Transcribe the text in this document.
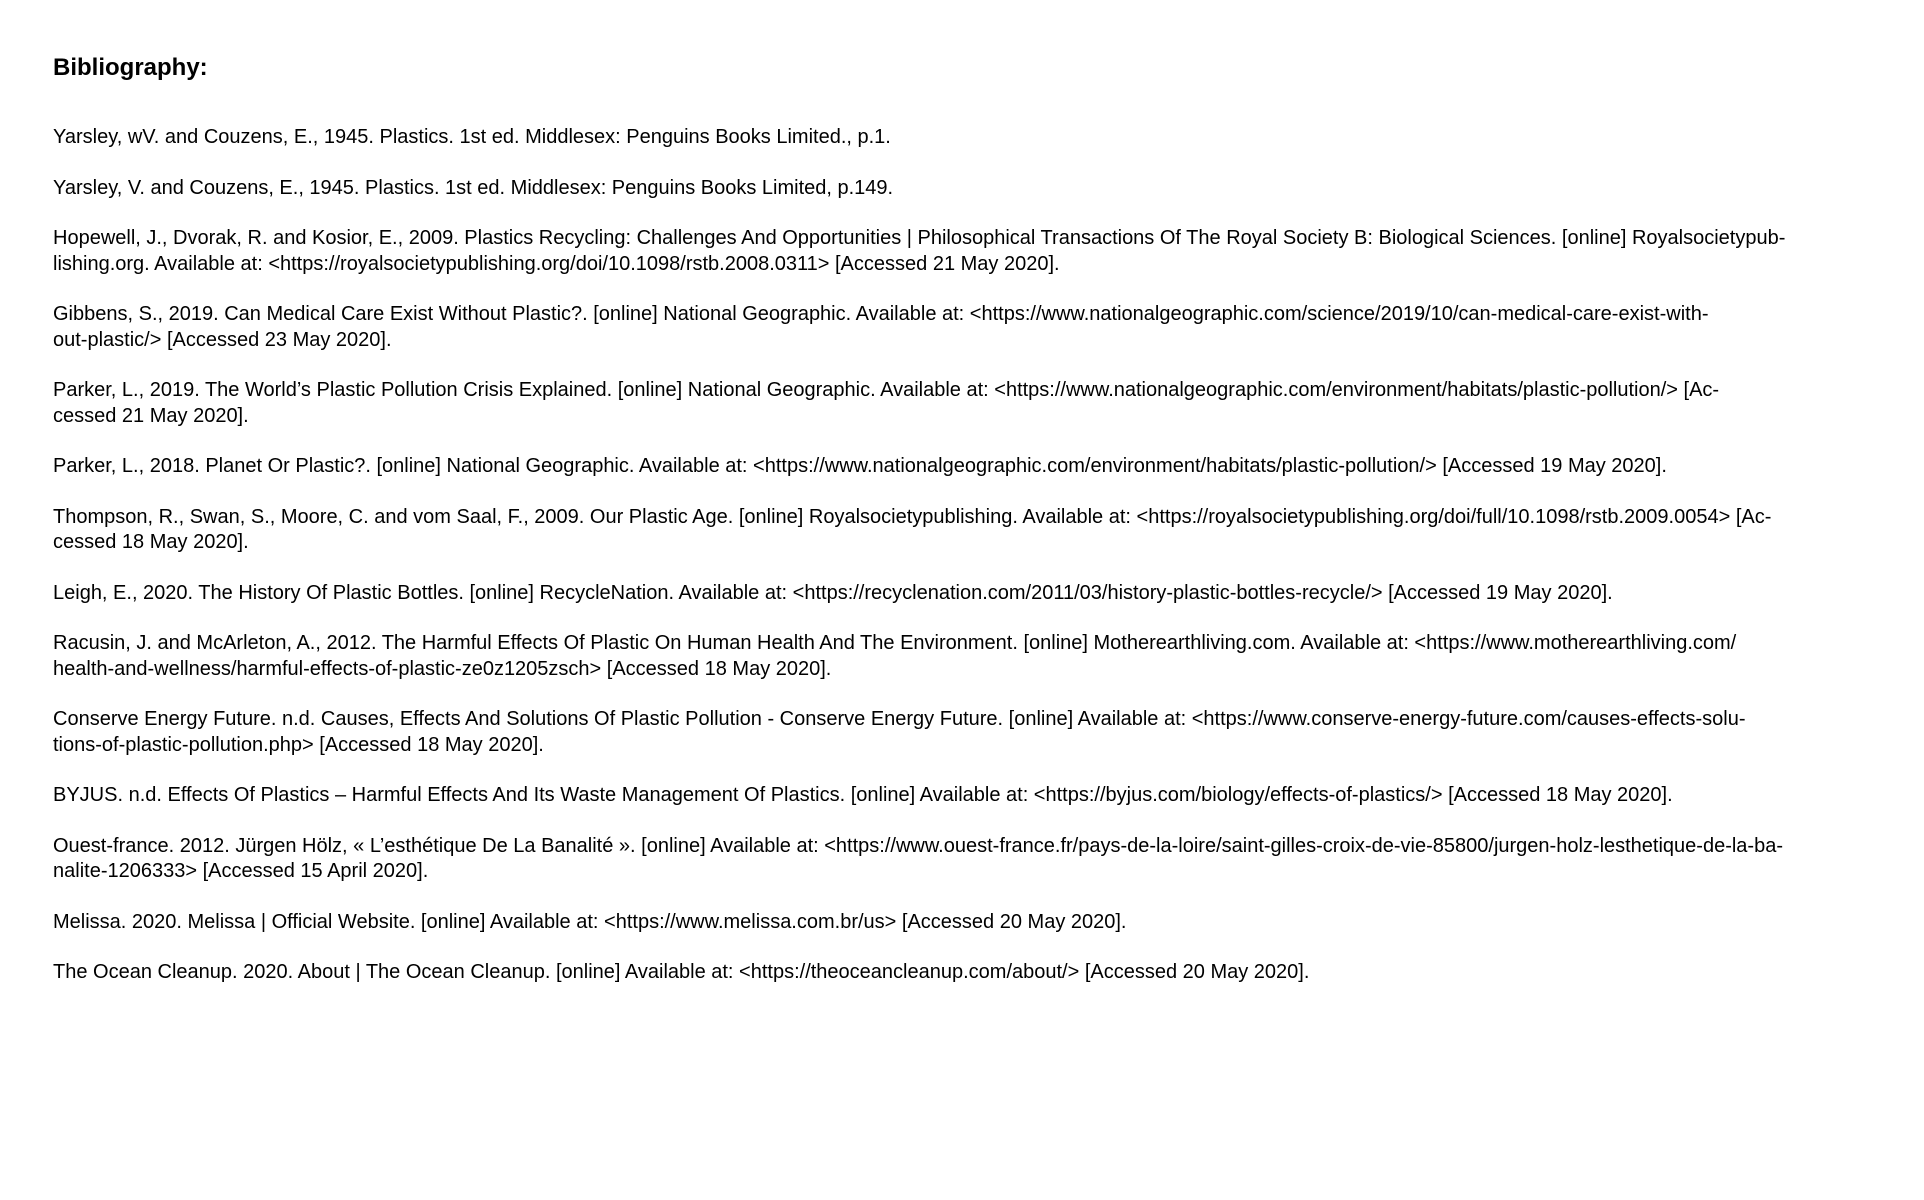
Bibliography:
Yarsley, wV. and Couzens, E., 1945. Plastics. 1st ed. Middlesex: Penguins Books Limited., p.1.
Yarsley, V. and Couzens, E., 1945. Plastics. 1st ed. Middlesex: Penguins Books Limited, p.149.
Hopewell, J., Dvorak, R. and Kosior, E., 2009. Plastics Recycling: Challenges And Opportunities | Philosophical Transactions Of The Royal Society B: Biological Sciences. [online] Royalsocietypub-
lishing.org. Available at: <https://royalsocietypublishing.org/doi/10.1098/rstb.2008.0311> [Accessed 21 May 2020].
Gibbens, S., 2019. Can Medical Care Exist Without Plastic?. [online] National Geographic. Available at: <https://www.nationalgeographic.com/science/2019/10/can-medical-care-exist-with-
out-plastic/> [Accessed 23 May 2020].
Parker, L., 2019. The World’s Plastic Pollution Crisis Explained. [online] National Geographic. Available at: <https://www.nationalgeographic.com/environment/habitats/plastic-pollution/> [Ac-
cessed 21 May 2020].
Parker, L., 2018. Planet Or Plastic?. [online] National Geographic. Available at: <https://www.nationalgeographic.com/environment/habitats/plastic-pollution/> [Accessed 19 May 2020].
Thompson, R., Swan, S., Moore, C. and vom Saal, F., 2009. Our Plastic Age. [online] Royalsocietypublishing. Available at: <https://royalsocietypublishing.org/doi/full/10.1098/rstb.2009.0054> [Ac-
cessed 18 May 2020].
Leigh, E., 2020. The History Of Plastic Bottles. [online] RecycleNation. Available at: <https://recyclenation.com/2011/03/history-plastic-bottles-recycle/> [Accessed 19 May 2020].
Racusin, J. and McArleton, A., 2012. The Harmful Effects Of Plastic On Human Health And The Environment. [online] Motherearthliving.com. Available at: <https://www.motherearthliving.com/
health-and-wellness/harmful-effects-of-plastic-ze0z1205zsch> [Accessed 18 May 2020].
Conserve Energy Future. n.d. Causes, Effects And Solutions Of Plastic Pollution - Conserve Energy Future. [online] Available at: <https://www.conserve-energy-future.com/causes-effects-solu-
tions-of-plastic-pollution.php> [Accessed 18 May 2020].
BYJUS. n.d. Effects Of Plastics – Harmful Effects And Its Waste Management Of Plastics. [online] Available at: <https://byjus.com/biology/effects-of-plastics/> [Accessed 18 May 2020].
Ouest-france. 2012. Jürgen Hölz, « L’esthétique De La Banalité ». [online] Available at: <https://www.ouest-france.fr/pays-de-la-loire/saint-gilles-croix-de-vie-85800/jurgen-holz-lesthetique-de-la-ba-
nalite-1206333> [Accessed 15 April 2020].
Melissa. 2020. Melissa | Official Website. [online] Available at: <https://www.melissa.com.br/us> [Accessed 20 May 2020].
The Ocean Cleanup. 2020. About | The Ocean Cleanup. [online] Available at: <https://theoceancleanup.com/about/> [Accessed 20 May 2020].
